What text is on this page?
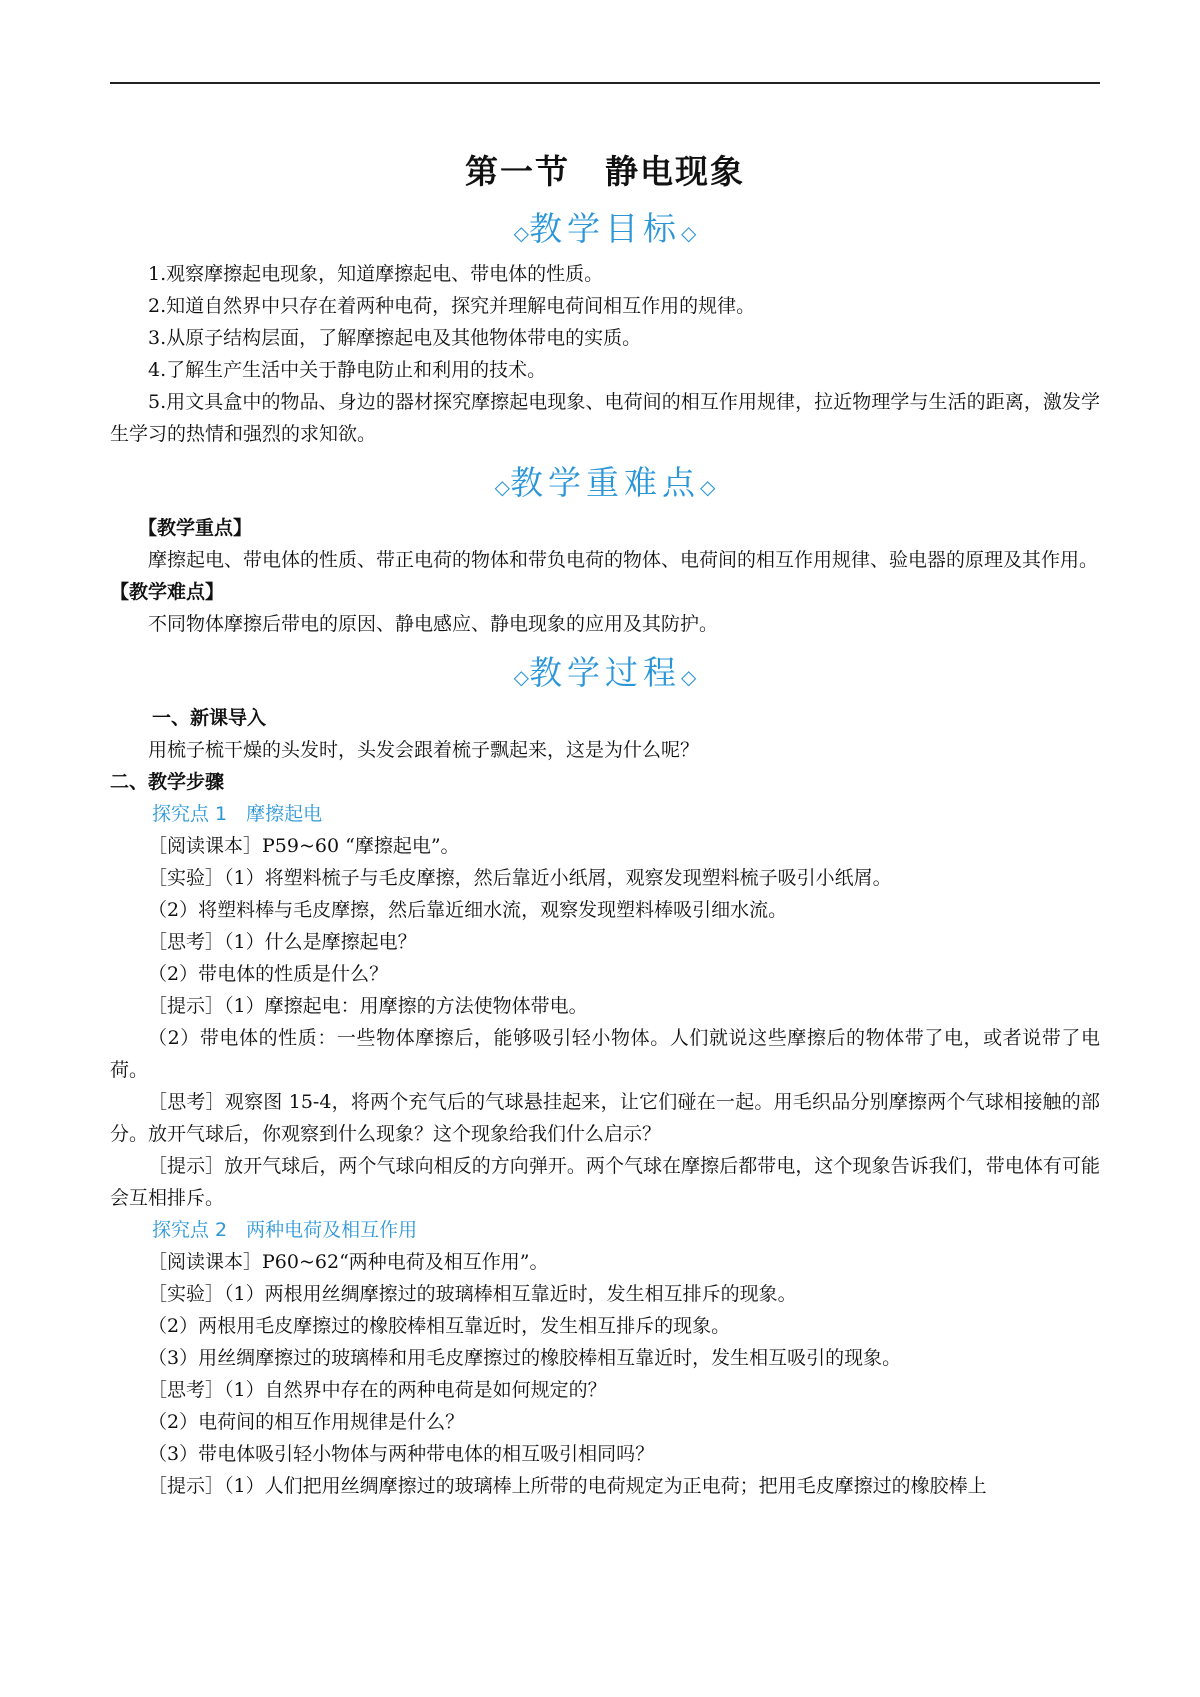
第一节　静电现象
◇教学目标◇
1.观察摩擦起电现象，知道摩擦起电、带电体的性质。
2.知道自然界中只存在着两种电荷，探究并理解电荷间相互作用的规律。
3.从原子结构层面，了解摩擦起电及其他物体带电的实质。
4.了解生产生活中关于静电防止和利用的技术。
5.用文具盒中的物品、身边的器材探究摩擦起电现象、电荷间的相互作用规律，拉近物理学与生活的距离，激发学生学习的热情和强烈的求知欲。
◇教学重难点◇
【教学重点】
摩擦起电、带电体的性质、带正电荷的物体和带负电荷的物体、电荷间的相互作用规律、验电器的原理及其作用。
【教学难点】
不同物体摩擦后带电的原因、静电感应、静电现象的应用及其防护。
◇教学过程◇
一、新课导入
用梳子梳干燥的头发时，头发会跟着梳子飘起来，这是为什么呢？
二、教学步骤
探究点 1　摩擦起电
［阅读课本］P59~60 “摩擦起电”。
［实验］（1）将塑料梳子与毛皮摩擦，然后靠近小纸屑，观察发现塑料梳子吸引小纸屑。
（2）将塑料棒与毛皮摩擦，然后靠近细水流，观察发现塑料棒吸引细水流。
［思考］（1）什么是摩擦起电？
（2）带电体的性质是什么？
［提示］（1）摩擦起电：用摩擦的方法使物体带电。
（2）带电体的性质：一些物体摩擦后，能够吸引轻小物体。人们就说这些摩擦后的物体带了电，或者说带了电荷。
［思考］观察图 15-4，将两个充气后的气球悬挂起来，让它们碰在一起。用毛织品分别摩擦两个气球相接触的部分。放开气球后，你观察到什么现象？这个现象给我们什么启示？
［提示］放开气球后，两个气球向相反的方向弹开。两个气球在摩擦后都带电，这个现象告诉我们，带电体有可能会互相排斥。
探究点 2　两种电荷及相互作用
［阅读课本］P60~62“两种电荷及相互作用”。
［实验］（1）两根用丝绸摩擦过的玻璃棒相互靠近时，发生相互排斥的现象。
（2）两根用毛皮摩擦过的橡胶棒相互靠近时，发生相互排斥的现象。
（3）用丝绸摩擦过的玻璃棒和用毛皮摩擦过的橡胶棒相互靠近时，发生相互吸引的现象。
［思考］（1）自然界中存在的两种电荷是如何规定的？
（2）电荷间的相互作用规律是什么？
（3）带电体吸引轻小物体与两种带电体的相互吸引相同吗？
［提示］（1）人们把用丝绸摩擦过的玻璃棒上所带的电荷规定为正电荷；把用毛皮摩擦过的橡胶棒上
